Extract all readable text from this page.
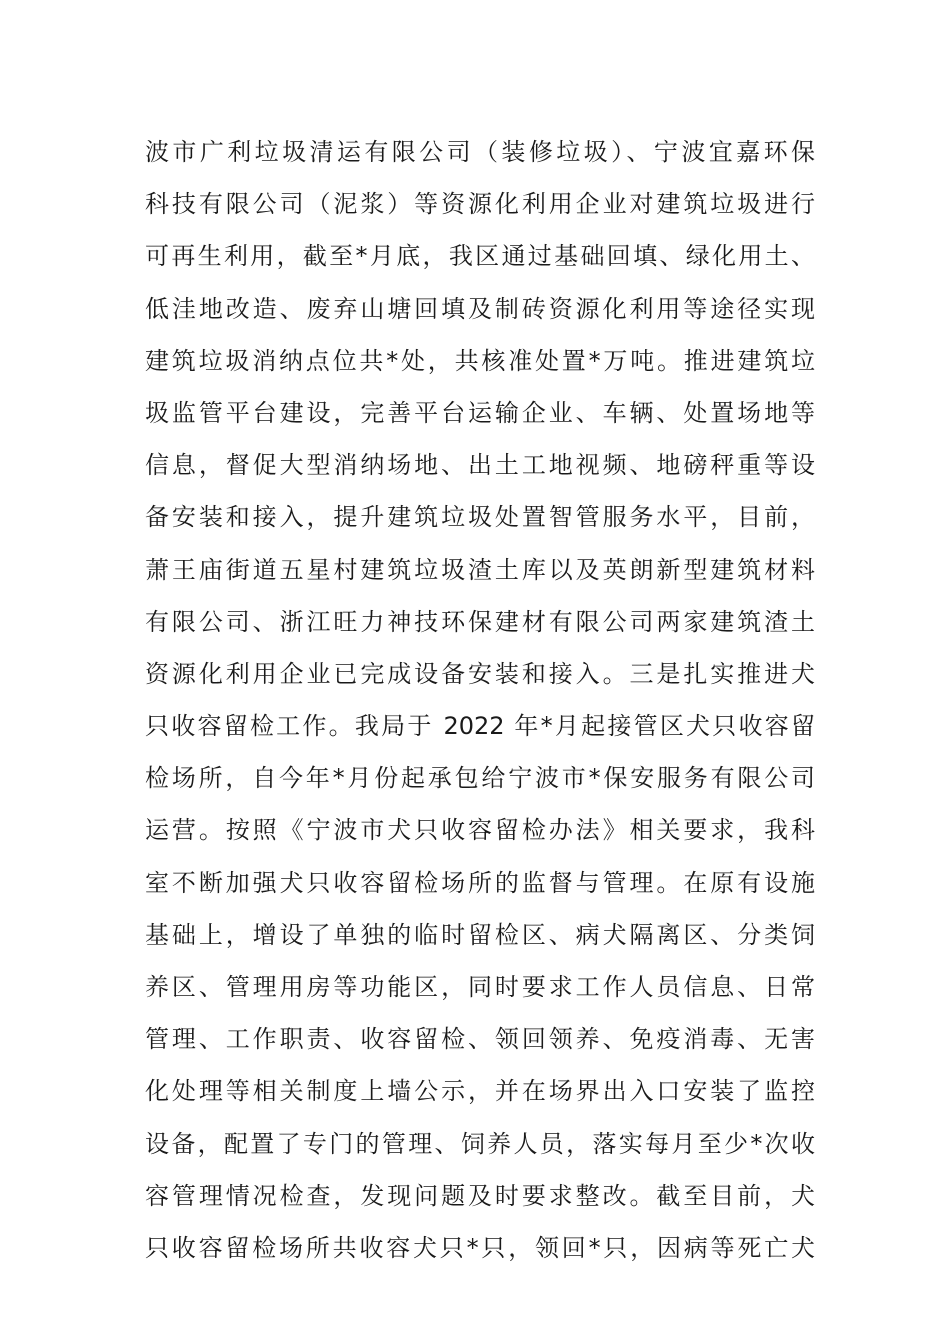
波市广利垃圾清运有限公司（装修垃圾）、宁波宜嘉环保
科技有限公司（泥浆）等资源化利用企业对建筑垃圾进行
可再生利用，截至*月底，我区通过基础回填、绿化用土、
低洼地改造、废弃山塘回填及制砖资源化利用等途径实现
建筑垃圾消纳点位共*处，共核准处置*万吨。推进建筑垃
圾监管平台建设，完善平台运输企业、车辆、处置场地等
信息，督促大型消纳场地、出土工地视频、地磅秤重等设
备安装和接入，提升建筑垃圾处置智管服务水平，目前，
萧王庙街道五星村建筑垃圾渣土库以及英朗新型建筑材料
有限公司、浙江旺力神技环保建材有限公司两家建筑渣土
资源化利用企业已完成设备安装和接入。三是扎实推进犬
只收容留检工作。我局于 2022 年*月起接管区犬只收容留
检场所，自今年*月份起承包给宁波市*保安服务有限公司
运营。按照《宁波市犬只收容留检办法》相关要求，我科
室不断加强犬只收容留检场所的监督与管理。在原有设施
基础上，增设了单独的临时留检区、病犬隔离区、分类饲
养区、管理用房等功能区，同时要求工作人员信息、日常
管理、工作职责、收容留检、领回领养、免疫消毒、无害
化处理等相关制度上墙公示，并在场界出入口安装了监控
设备，配置了专门的管理、饲养人员，落实每月至少*次收
容管理情况检查，发现问题及时要求整改。截至目前，犬
只收容留检场所共收容犬只*只，领回*只，因病等死亡犬
